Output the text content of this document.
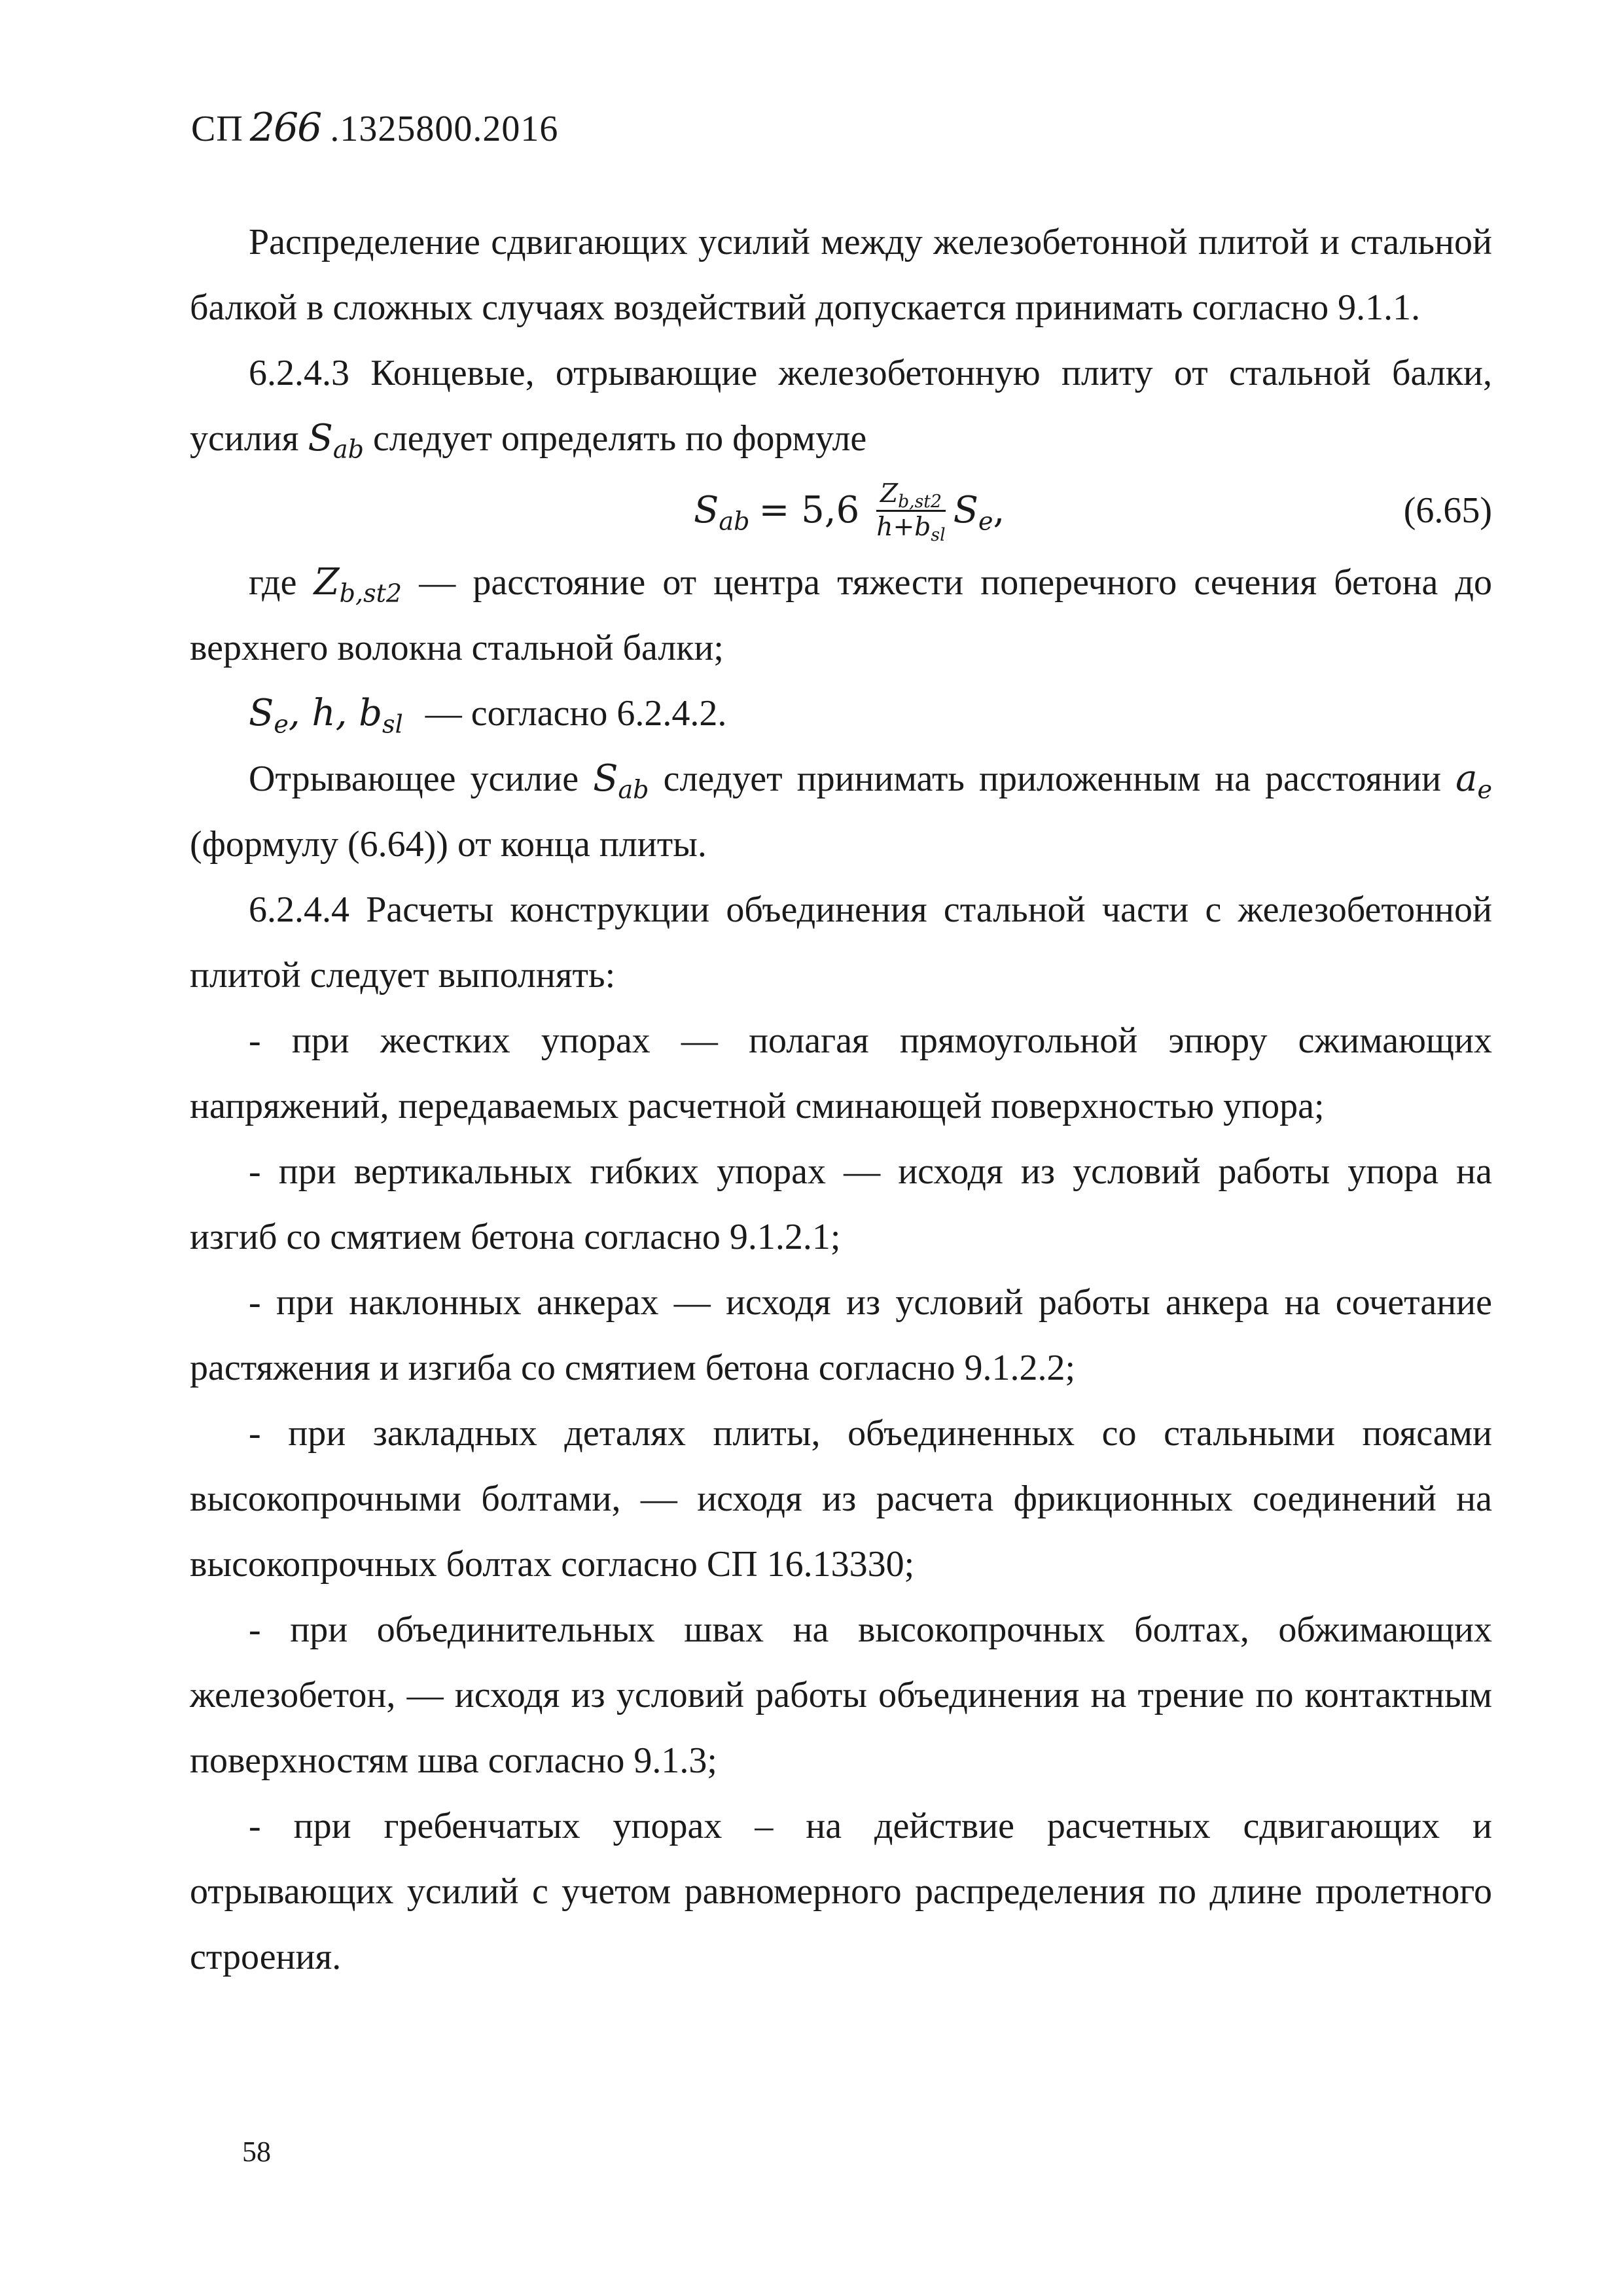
СП 266 .1325800.2016

Распределение сдвигающих усилий между железобетонной плитой и стальной балкой в сложных случаях воздействий допускается принимать согласно 9.1.1.

6.2.4.3 Концевые, отрывающие железобетонную плиту от стальной балки, усилия $S_{ab}$ следует определять по формуле

$S_{ab} = 5,6 \frac{Z_{b,st2}}{h+b_{sl}} S_e$,	(6.65)

где $Z_{b,st2}$ — расстояние от центра тяжести поперечного сечения бетона до верхнего волокна стальной балки;

$S_e$, h, $b_{sl}$ — согласно 6.2.4.2.

Отрывающее усилие $S_{ab}$ следует принимать приложенным на расстоянии $a_e$ (формулу (6.64)) от конца плиты.

6.2.4.4 Расчеты конструкции объединения стальной части с железобетонной плитой следует выполнять:

- при жестких упорах — полагая прямоугольной эпюру сжимающих напряжений, передаваемых расчетной сминающей поверхностью упора;

- при вертикальных гибких упорах — исходя из условий работы упора на изгиб со смятием бетона согласно 9.1.2.1;

- при наклонных анкерах — исходя из условий работы анкера на сочетание растяжения и изгиба со смятием бетона согласно 9.1.2.2;

- при закладных деталях плиты, объединенных со стальными поясами высокопрочными болтами, — исходя из расчета фрикционных соединений на высокопрочных болтах согласно СП 16.13330;

- при объединительных швах на высокопрочных болтах, обжимающих железобетон, — исходя из условий работы объединения на трение по контактным поверхностям шва согласно 9.1.3;

- при гребенчатых упорах – на действие расчетных сдвигающих и отрывающих усилий с учетом равномерного распределения по длине пролетного строения.

58
